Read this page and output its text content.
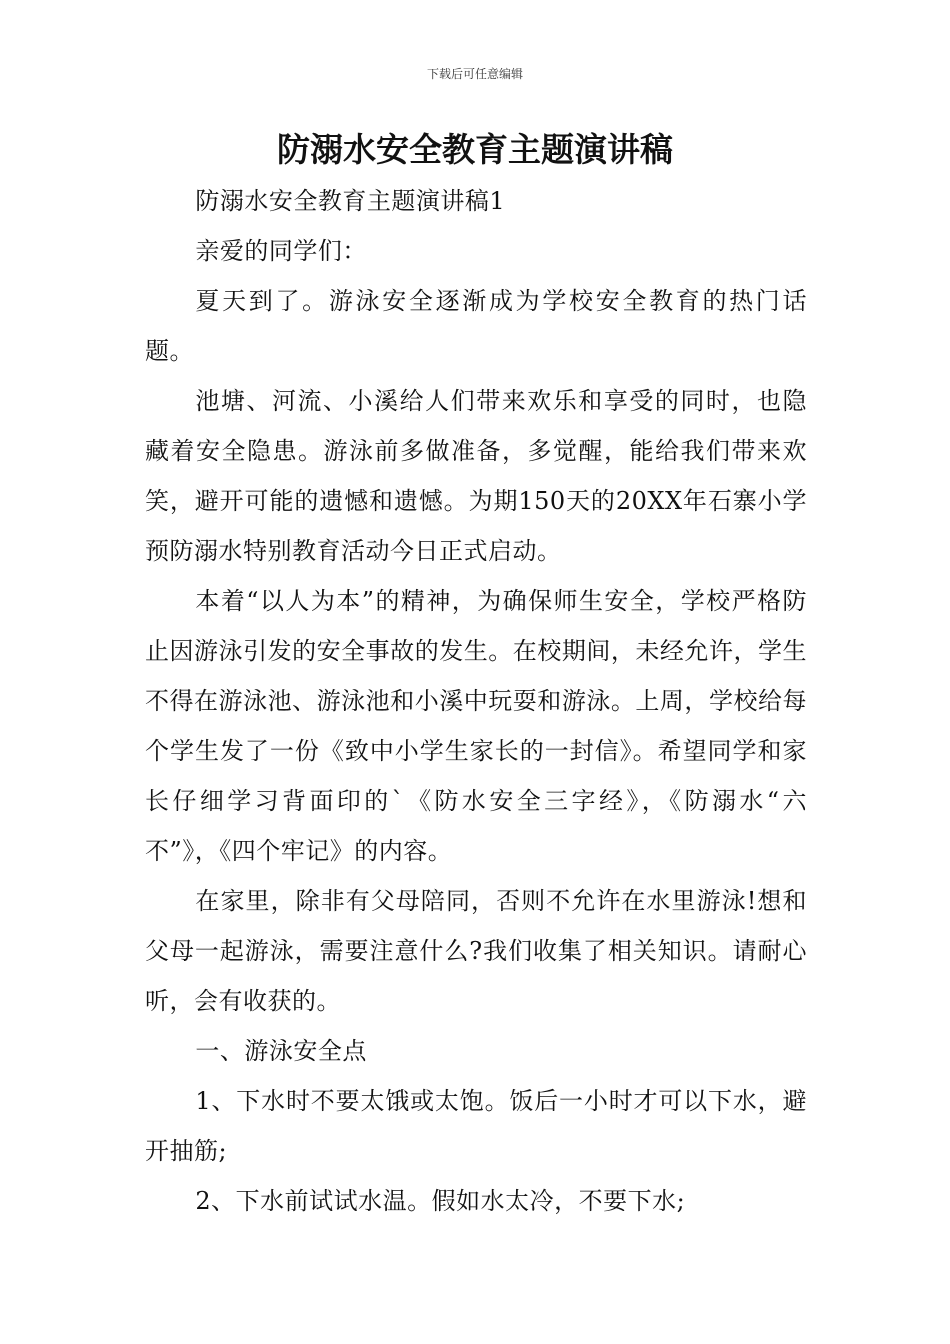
下载后可任意编辑
防溺水安全教育主题演讲稿

防溺水安全教育主题演讲稿1

亲爱的同学们：

夏天到了。游泳安全逐渐成为学校安全教育的热门话题。

池塘、河流、小溪给人们带来欢乐和享受的同时，也隐藏着安全隐患。游泳前多做准备，多觉醒，能给我们带来欢笑，避开可能的遗憾和遗憾。为期150天的20XX年石寨小学预防溺水特别教育活动今日正式启动。

本着“以人为本”的精神，为确保师生安全，学校严格防止因游泳引发的安全事故的发生。在校期间，未经允许，学生不得在游泳池、游泳池和小溪中玩耍和游泳。上周，学校给每个学生发了一份《致中小学生家长的一封信》。希望同学和家长仔细学习背面印的`《防水安全三字经》，《防溺水“六不”》，《四个牢记》的内容。

在家里，除非有父母陪同，否则不允许在水里游泳!想和父母一起游泳，需要注意什么?我们收集了相关知识。请耐心听，会有收获的。

一、游泳安全点

1、下水时不要太饿或太饱。饭后一小时才可以下水，避开抽筋;

2、下水前试试水温。假如水太冷，不要下水;
